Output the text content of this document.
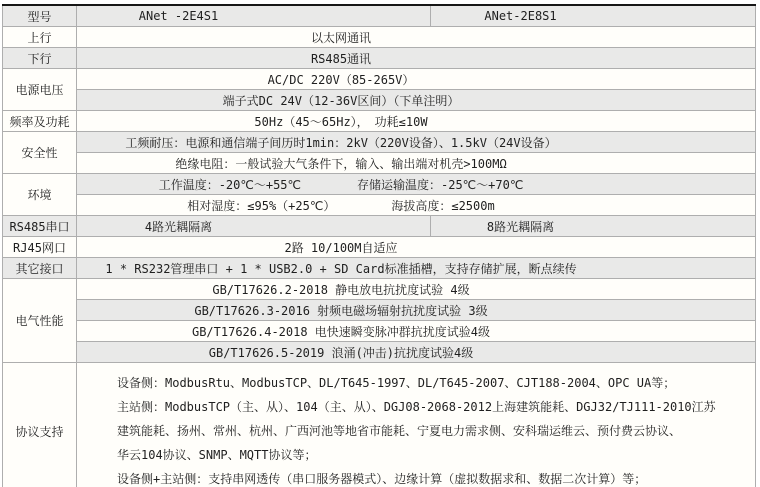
型号	ANet -2E4S1	ANet-2E8S1
上行	以太网通讯	
下行	RS485通讯	
电源电压	AC/DC 220V（85-265V）	
	端子式DC 24V（12-36V区间）（下单注明）	
频率及功耗	50Hz（45～65Hz），　功耗≤10W	
安全性	工频耐压：电源和通信端子间历时1min：2kV（220V设备）、1.5kV（24V设备）	
	绝缘电阻：一般试验大气条件下，输入、输出端对机壳>100MΩ	
环境	工作温度：-20℃～+55℃ 存储运输温度：-25℃～+70℃	

	相对湿度：≤95%（+25℃） 海拔高度：≤2500m	

RS485串口	4路光耦隔离	8路光耦隔离
RJ45网口	2路 10/100M自适应	
其它接口	1 * RS232管理串口 + 1 * USB2.0 + SD Card标准插槽，支持存储扩展，断点续传	
电气性能	GB/T17626.2-2018 静电放电抗扰度试验 4级	
	GB/T17626.3-2016 射频电磁场辐射抗扰度试验 3级	
	GB/T17626.4-2018 电快速瞬变脉冲群抗扰度试验4级	
	GB/T17626.5-2019 浪涌(冲击)抗扰度试验4级	
协议支持	设备侧：ModbusRtu、ModbusTCP、DL/T645-1997、DL/T645-2007、CJT188-2004、OPC UA等；
主站侧：ModbusTCP（主、从）、104（主、从）、DGJ08-2068-2012上海建筑能耗、DGJ32/TJ111-2010江苏
建筑能耗、扬州、常州、杭州、广西河池等地省市能耗、宁夏电力需求侧、安科瑞运维云、预付费云协议、
华云104协议、SNMP、MQTT协议等；
设备侧+主站侧：支持串网透传（串口服务器模式）、边缘计算（虚拟数据求和、数据二次计算）等；	
